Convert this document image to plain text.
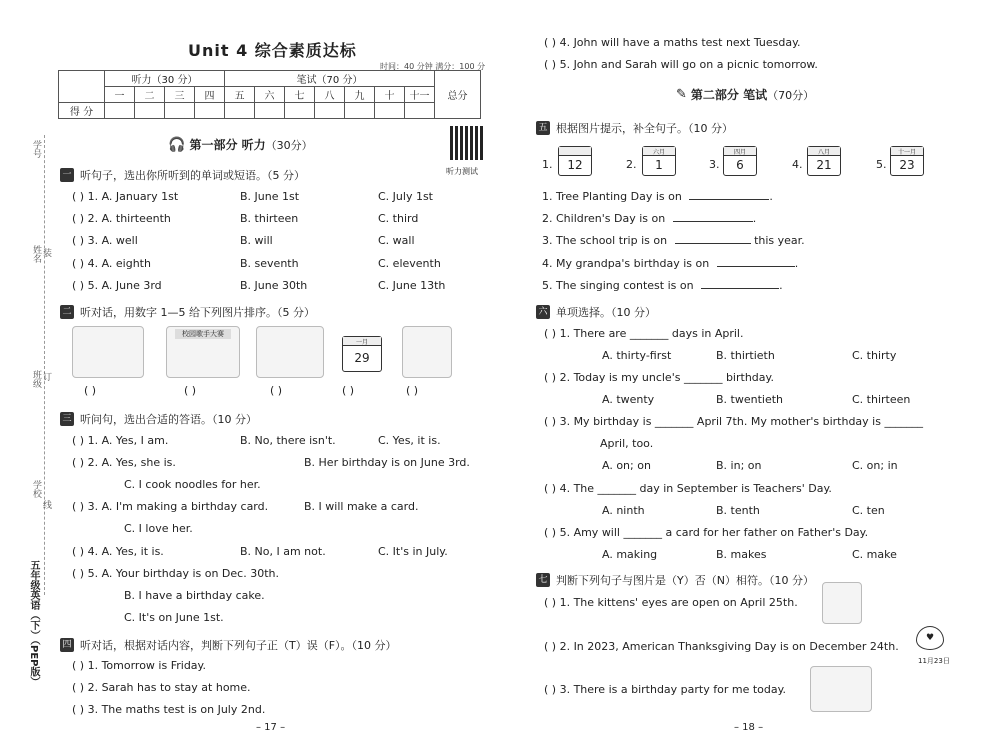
Unit 4 综合素质达标
时间：40 分钟 满分：100 分
	听力（30 分）				笔试（70 分）							总分
	一	二	三	四	五	六	七	八	九	十	十一	
得 分												
🎧 第一部分 听力 （30分）
听力测试
学号
姓名
班级
学校
装
订
线
五年级英语（下）（PEP版）
一 听句子，选出你所听到的单词或短语。（5 分）
( ) 1. A. January 1st	B. June 1st	C. July 1st
( ) 2. A. thirteenth	B. thirteen	C. third
( ) 3. A. well	B. will	C. wall
( ) 4. A. eighth	B. seventh	C. eleventh
( ) 5. A. June 3rd	B. June 30th	C. June 13th
二 听对话，用数字 1—5 给下列图片排序。（5 分）
校园歌手大赛
一月
29
( )	( )	( )	( )	( )
三 听问句，选出合适的答语。（10 分）
( ) 1. A. Yes, I am.	B. No, there isn't.	C. Yes, it is.
( ) 2. A. Yes, she is.	B. Her birthday is on June 3rd.
C. I cook noodles for her.
( ) 3. A. I'm making a birthday card.	B. I will make a card.
C. I love her.
( ) 4. A. Yes, it is.	B. No, I am not.	C. It's in July.
( ) 5. A. Your birthday is on Dec. 30th.
B. I have a birthday cake.
C. It's on June 1st.
四 听对话，根据对话内容，判断下列句子正（T）误（F）。（10 分）
( ) 1. Tomorrow is Friday.
( ) 2. Sarah has to stay at home.
( ) 3. The maths test is on July 2nd.
– 17 –
( ) 4. John will have a maths test next Tuesday.
( ) 5. John and Sarah will go on a picnic tomorrow.
✎ 第二部分 笔试 （70分）
五 根据图片提示，补全句子。（10 分）
1.	12	2.
六月
1	3.
四月
6	4.
八月
21	5.
十一月
23
1. Tree Planting Day is on	.
2. Children's Day is on	.
3. The school trip is on	this year.
4. My grandpa's birthday is on	.
5. The singing contest is on	.
六 单项选择。（10 分）
( ) 1. There are _______ days in April.
A. thirty-first	B. thirtieth	C. thirty
( ) 2. Today is my uncle's _______ birthday.
A. twenty	B. twentieth	C. thirteen
( ) 3. My birthday is _______ April 7th. My mother's birthday is _______
April, too.
A. on; on	B. in; on	C. on; in
( ) 4. The _______ day in September is Teachers' Day.
A. ninth	B. tenth	C. ten
( ) 5. Amy will _______ a card for her father on Father's Day.
A. making	B. makes	C. make
七 判断下列句子与图片是（Y）否（N）相符。（10 分）
( ) 1. The kittens' eyes are open on April 25th.
( ) 2. In 2023, American Thanksgiving Day is on December 24th.
♥
11月23日
( ) 3. There is a birthday party for me today.
– 18 –
